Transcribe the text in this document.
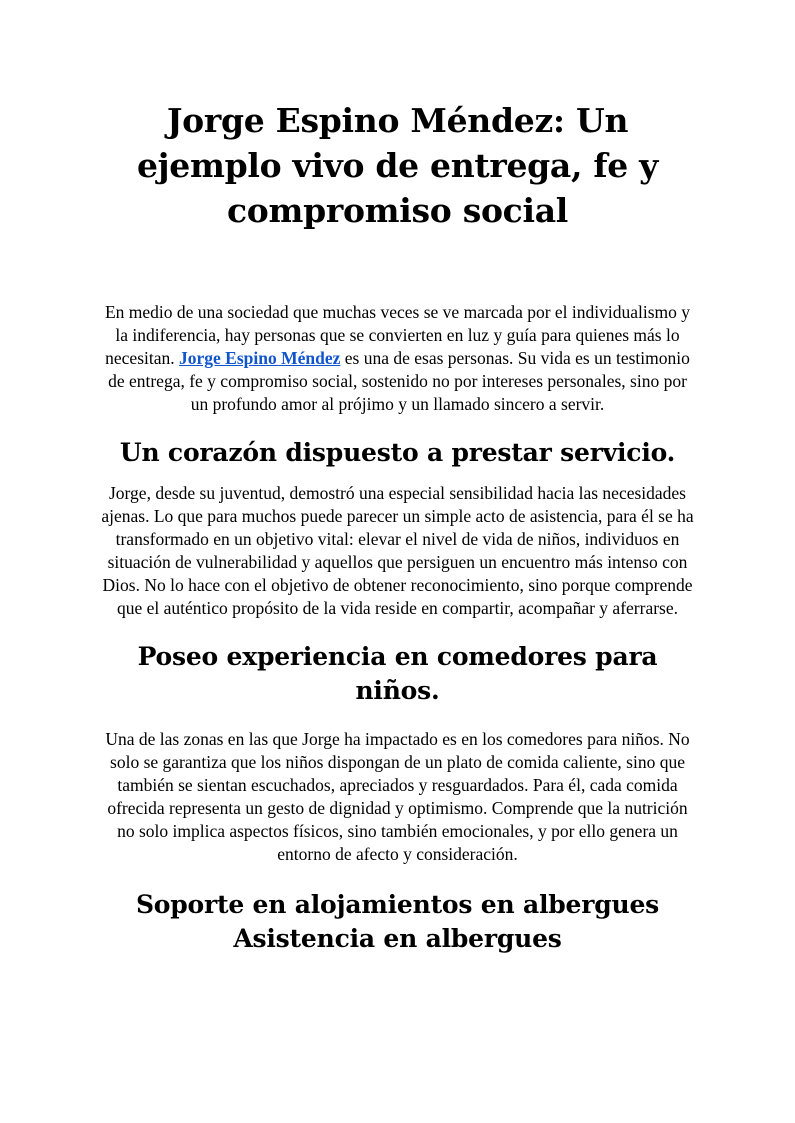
Jorge Espino Méndez: Un ejemplo vivo de entrega, fe y compromiso social

En medio de una sociedad que muchas veces se ve marcada por el individualismo y la indiferencia, hay personas que se convierten en luz y guía para quienes más lo necesitan. Jorge Espino Méndez es una de esas personas. Su vida es un testimonio de entrega, fe y compromiso social, sostenido no por intereses personales, sino por un profundo amor al prójimo y un llamado sincero a servir.

Un corazón dispuesto a prestar servicio.

Jorge, desde su juventud, demostró una especial sensibilidad hacia las necesidades ajenas. Lo que para muchos puede parecer un simple acto de asistencia, para él se ha transformado en un objetivo vital: elevar el nivel de vida de niños, individuos en situación de vulnerabilidad y aquellos que persiguen un encuentro más intenso con Dios. No lo hace con el objetivo de obtener reconocimiento, sino porque comprende que el auténtico propósito de la vida reside en compartir, acompañar y aferrarse.

Poseo experiencia en comedores para niños.

Una de las zonas en las que Jorge ha impactado es en los comedores para niños. No solo se garantiza que los niños dispongan de un plato de comida caliente, sino que también se sientan escuchados, apreciados y resguardados. Para él, cada comida ofrecida representa un gesto de dignidad y optimismo. Comprende que la nutrición no solo implica aspectos físicos, sino también emocionales, y por ello genera un entorno de afecto y consideración.

Soporte en alojamientos en albergues Asistencia en albergues
